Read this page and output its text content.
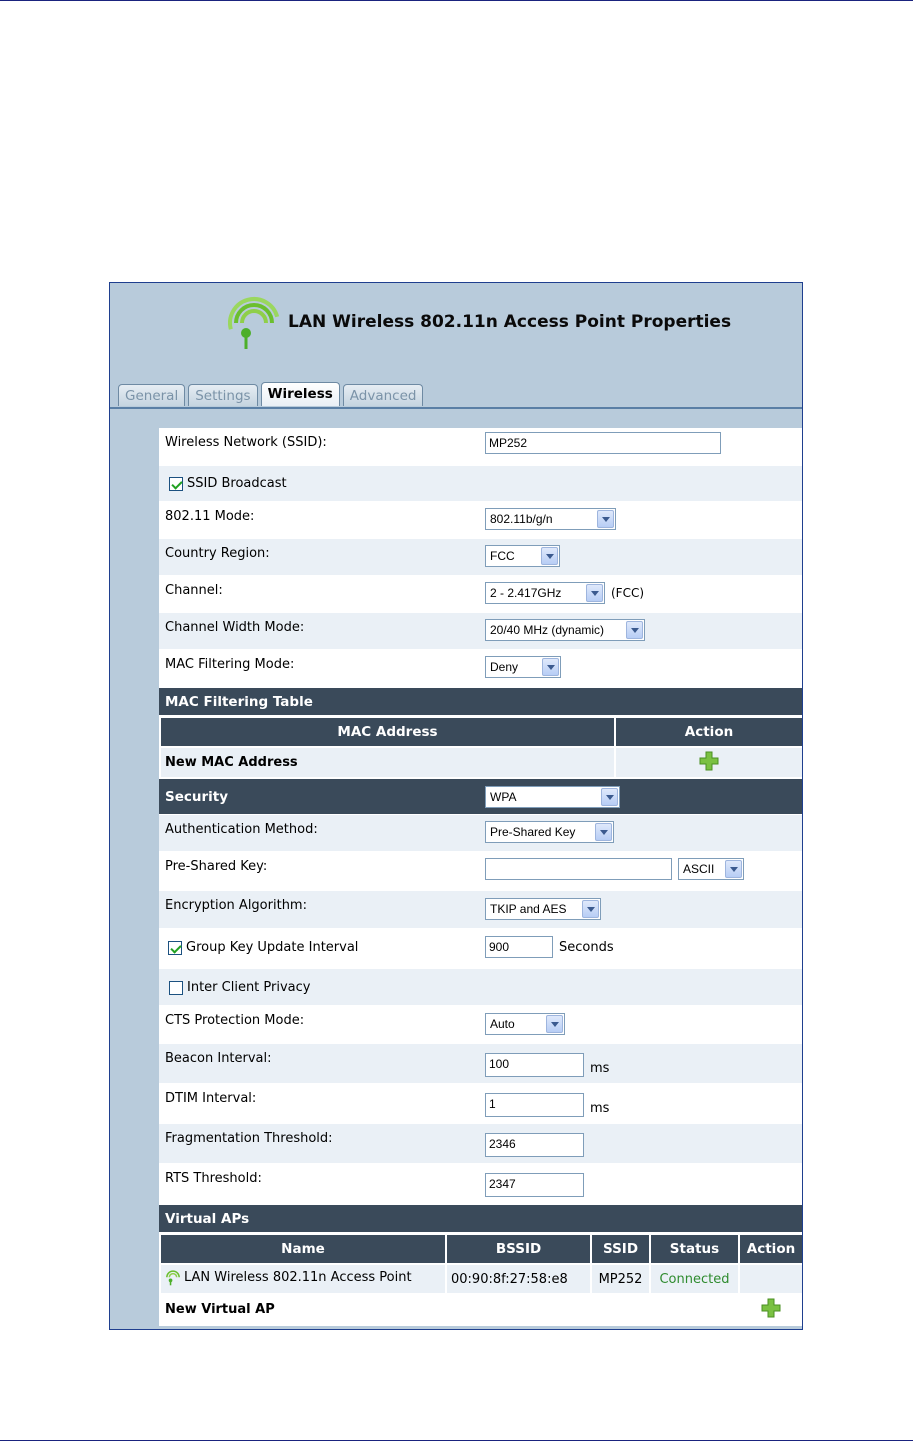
LAN Wireless 802.11n Access Point Properties
General	Settings	Wireless	Advanced
Wireless Network (SSID):	MP252
SSID Broadcast
802.11 Mode:	802.11b/g/n
Country Region:	FCC
Channel:	2 - 2.417GHz	(FCC)
Channel Width Mode:	20/40 MHz (dynamic)
MAC Filtering Mode:	Deny
MAC Filtering Table
MAC Address	Action
New MAC Address	
Security	WPA
Authentication Method:	Pre-Shared Key
Pre-Shared Key:	ASCII
Encryption Algorithm:	TKIP and AES
Group Key Update Interval	900	Seconds
Inter Client Privacy
CTS Protection Mode:	Auto
Beacon Interval:	100	ms
DTIM Interval:	1	ms
Fragmentation Threshold:	2346
RTS Threshold:	2347
Virtual APs
Name	BSSID	SSID	Status	Action

LAN Wireless 802.11n Access Point	00:90:8f:27:58:e8	MP252	Connected	
New Virtual AP				
